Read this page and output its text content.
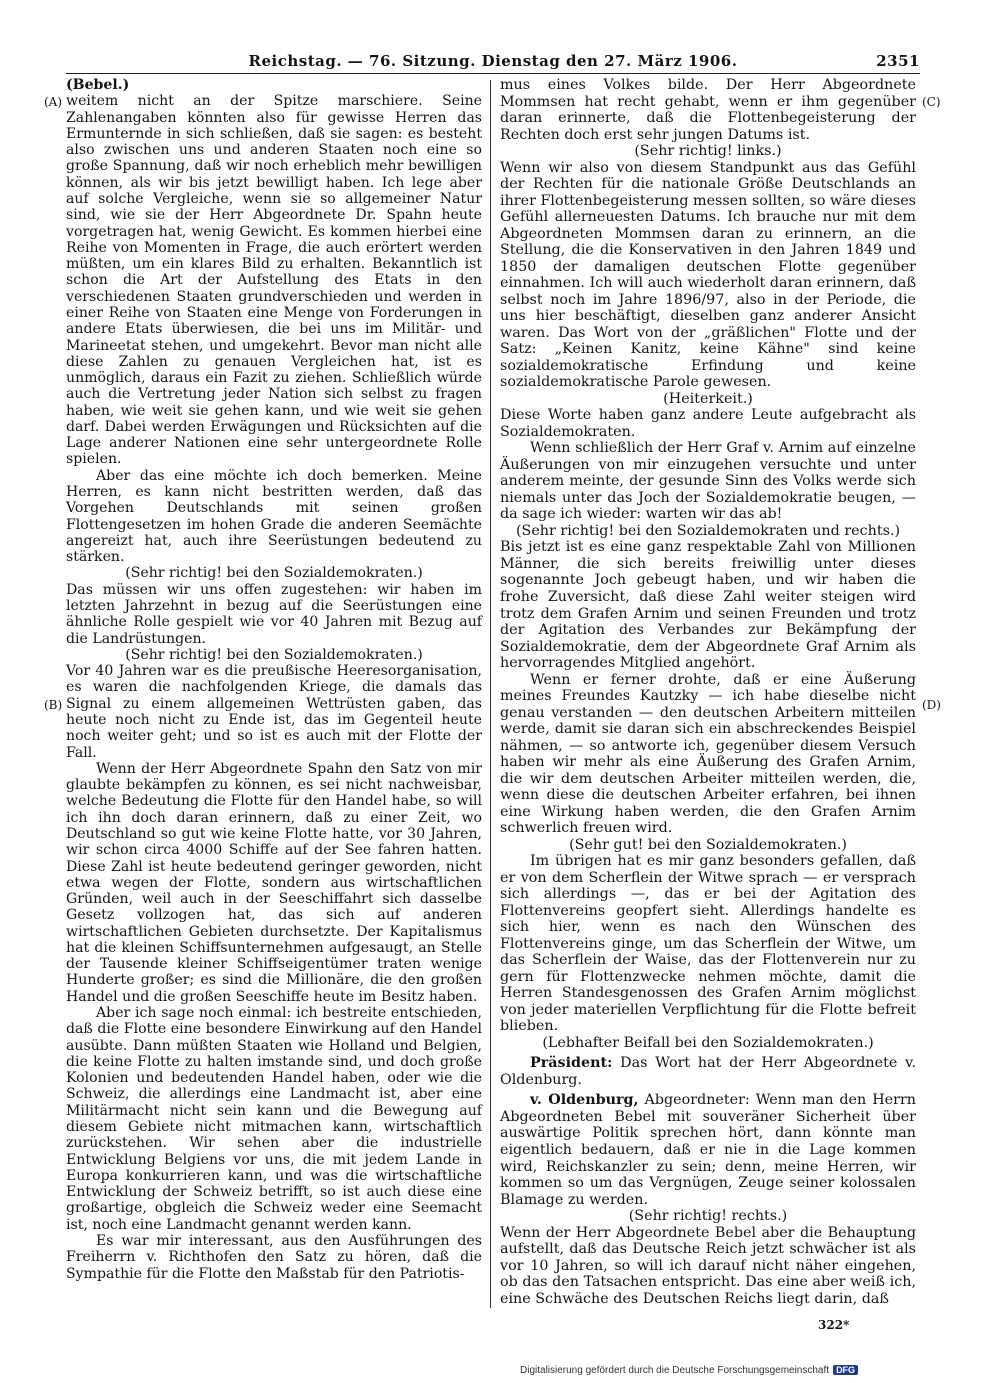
Reichstag. — 76. Sitzung. Dienstag den 27. März 1906.	2351
(A)
(B)
(C)
(D)

(Bebel.)

weitem nicht an der Spitze marschiere. Seine Zahlenangaben könnten also für gewisse Herren das Ermunternde in sich schließen, daß sie sagen: es besteht also zwischen uns und anderen Staaten noch eine so große Spannung, daß wir noch erheblich mehr bewilligen können, als wir bis jetzt bewilligt haben. Ich lege aber auf solche Vergleiche, wenn sie so allgemeiner Natur sind, wie sie der Herr Abgeordnete Dr. Spahn heute vorgetragen hat, wenig Gewicht. Es kommen hierbei eine Reihe von Momenten in Frage, die auch erörtert werden müßten, um ein klares Bild zu erhalten. Bekanntlich ist schon die Art der Aufstellung des Etats in den verschiedenen Staaten grundverschieden und werden in einer Reihe von Staaten eine Menge von Forderungen in andere Etats überwiesen, die bei uns im Militär- und Marineetat stehen, und umgekehrt. Bevor man nicht alle diese Zahlen zu genauen Vergleichen hat, ist es unmöglich, daraus ein Fazit zu ziehen. Schließlich würde auch die Vertretung jeder Nation sich selbst zu fragen haben, wie weit sie gehen kann, und wie weit sie gehen darf. Dabei werden Erwägungen und Rücksichten auf die Lage anderer Nationen eine sehr untergeordnete Rolle spielen.

Aber das eine möchte ich doch bemerken. Meine Herren, es kann nicht bestritten werden, daß das Vorgehen Deutschlands mit seinen großen Flottengesetzen im hohen Grade die anderen Seemächte angereizt hat, auch ihre Seerüstungen bedeutend zu stärken.

(Sehr richtig! bei den Sozialdemokraten.)

Das müssen wir uns offen zugestehen: wir haben im letzten Jahrzehnt in bezug auf die Seerüstungen eine ähnliche Rolle gespielt wie vor 40 Jahren mit Bezug auf die Landrüstungen.

(Sehr richtig! bei den Sozialdemokraten.)

Vor 40 Jahren war es die preußische Heeresorganisation, es waren die nachfolgenden Kriege, die damals das Signal zu einem allgemeinen Wettrüsten gaben, das heute noch nicht zu Ende ist, das im Gegenteil heute noch weiter geht; und so ist es auch mit der Flotte der Fall.

Wenn der Herr Abgeordnete Spahn den Satz von mir glaubte bekämpfen zu können, es sei nicht nachweisbar, welche Bedeutung die Flotte für den Handel habe, so will ich ihn doch daran erinnern, daß zu einer Zeit, wo Deutschland so gut wie keine Flotte hatte, vor 30 Jahren, wir schon circa 4000 Schiffe auf der See fahren hatten. Diese Zahl ist heute bedeutend geringer geworden, nicht etwa wegen der Flotte, sondern aus wirtschaftlichen Gründen, weil auch in der Seeschiffahrt sich dasselbe Gesetz vollzogen hat, das sich auf anderen wirtschaftlichen Gebieten durchsetzte. Der Kapitalismus hat die kleinen Schiffsunternehmen aufgesaugt, an Stelle der Tausende kleiner Schiffseigentümer traten wenige Hunderte großer; es sind die Millionäre, die den großen Handel und die großen Seeschiffe heute im Besitz haben.

Aber ich sage noch einmal: ich bestreite entschieden, daß die Flotte eine besondere Einwirkung auf den Handel ausübte. Dann müßten Staaten wie Holland und Belgien, die keine Flotte zu halten imstande sind, und doch große Kolonien und bedeutenden Handel haben, oder wie die Schweiz, die allerdings eine Landmacht ist, aber eine Militärmacht nicht sein kann und die Bewegung auf diesem Gebiete nicht mitmachen kann, wirtschaftlich zurückstehen. Wir sehen aber die industrielle Entwicklung Belgiens vor uns, die mit jedem Lande in Europa konkurrieren kann, und was die wirtschaftliche Entwicklung der Schweiz betrifft, so ist auch diese eine großartige, obgleich die Schweiz weder eine Seemacht ist, noch eine Landmacht genannt werden kann.

Es war mir interessant, aus den Ausführungen des Freiherrn v. Richthofen den Satz zu hören, daß die Sympathie für die Flotte den Maßstab für den Patriotis-

mus eines Volkes bilde. Der Herr Abgeordnete Mommsen hat recht gehabt, wenn er ihm gegenüber daran erinnerte, daß die Flottenbegeisterung der Rechten doch erst sehr jungen Datums ist.

(Sehr richtig! links.)

Wenn wir also von diesem Standpunkt aus das Gefühl der Rechten für die nationale Größe Deutschlands an ihrer Flottenbegeisterung messen sollten, so wäre dieses Gefühl allerneuesten Datums. Ich brauche nur mit dem Abgeordneten Mommsen daran zu erinnern, an die Stellung, die die Konservativen in den Jahren 1849 und 1850 der damaligen deutschen Flotte gegenüber einnahmen. Ich will auch wiederholt daran erinnern, daß selbst noch im Jahre 1896/97, also in der Periode, die uns hier beschäftigt, dieselben ganz anderer Ansicht waren. Das Wort von der „gräßlichen" Flotte und der Satz: „Keinen Kanitz, keine Kähne" sind keine sozialdemokratische Erfindung und keine sozialdemokratische Parole gewesen.

(Heiterkeit.)

Diese Worte haben ganz andere Leute aufgebracht als Sozialdemokraten.

Wenn schließlich der Herr Graf v. Arnim auf einzelne Äußerungen von mir einzugehen versuchte und unter anderem meinte, der gesunde Sinn des Volks werde sich niemals unter das Joch der Sozialdemokratie beugen, — da sage ich wieder: warten wir das ab!

(Sehr richtig! bei den Sozialdemokraten und rechts.)

Bis jetzt ist es eine ganz respektable Zahl von Millionen Männer, die sich bereits freiwillig unter dieses sogenannte Joch gebeugt haben, und wir haben die frohe Zuversicht, daß diese Zahl weiter steigen wird trotz dem Grafen Arnim und seinen Freunden und trotz der Agitation des Verbandes zur Bekämpfung der Sozialdemokratie, dem der Abgeordnete Graf Arnim als hervorragendes Mitglied angehört.

Wenn er ferner drohte, daß er eine Äußerung meines Freundes Kautzky — ich habe dieselbe nicht genau verstanden — den deutschen Arbeitern mitteilen werde, damit sie daran sich ein abschreckendes Beispiel nähmen, — so antworte ich, gegenüber diesem Versuch haben wir mehr als eine Äußerung des Grafen Arnim, die wir dem deutschen Arbeiter mitteilen werden, die, wenn diese die deutschen Arbeiter erfahren, bei ihnen eine Wirkung haben werden, die den Grafen Arnim schwerlich freuen wird.

(Sehr gut! bei den Sozialdemokraten.)

Im übrigen hat es mir ganz besonders gefallen, daß er von dem Scherflein der Witwe sprach — er versprach sich allerdings —, das er bei der Agitation des Flottenvereins geopfert sieht. Allerdings handelte es sich hier, wenn es nach den Wünschen des Flottenvereins ginge, um das Scherflein der Witwe, um das Scherflein der Waise, das der Flottenverein nur zu gern für Flottenzwecke nehmen möchte, damit die Herren Standesgenossen des Grafen Arnim möglichst von jeder materiellen Verpflichtung für die Flotte befreit blieben.

(Lebhafter Beifall bei den Sozialdemokraten.)

Präsident: Das Wort hat der Herr Abgeordnete v. Oldenburg.

v. Oldenburg, Abgeordneter: Wenn man den Herrn Abgeordneten Bebel mit souveräner Sicherheit über auswärtige Politik sprechen hört, dann könnte man eigentlich bedauern, daß er nie in die Lage kommen wird, Reichskanzler zu sein; denn, meine Herren, wir kommen so um das Vergnügen, Zeuge seiner kolossalen Blamage zu werden.

(Sehr richtig! rechts.)

Wenn der Herr Abgeordnete Bebel aber die Behauptung aufstellt, daß das Deutsche Reich jetzt schwächer ist als vor 10 Jahren, so will ich darauf nicht näher eingehen, ob das den Tatsachen entspricht. Das eine aber weiß ich, eine Schwäche des Deutschen Reichs liegt darin, daß

322*
Digitalisierung gefördert durch die Deutsche Forschungsgemeinschaft DFG
